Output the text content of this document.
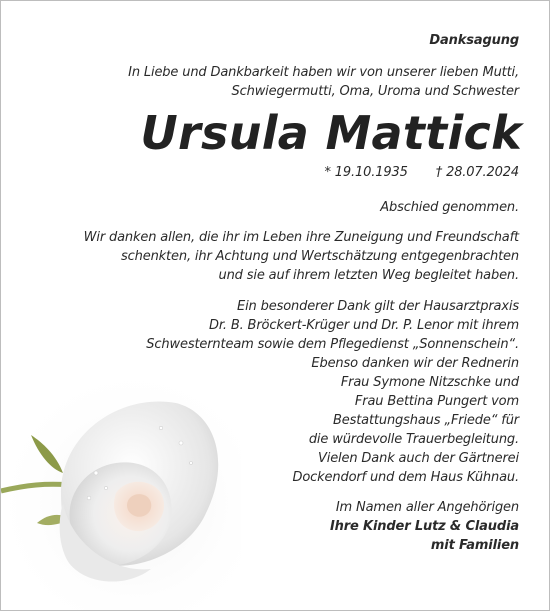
Danksagung

In Liebe und Dankbarkeit haben wir von unserer lieben Mutti,
Schwiegermutti, Oma, Uroma und Schwester

Ursula Mattick

* 19.10.1935 † 28.07.2024

Abschied genommen.

Wir danken allen, die ihr im Leben ihre Zuneigung und Freundschaft
schenkten, ihr Achtung und Wertschätzung entgegenbrachten
und sie auf ihrem letzten Weg begleitet haben.

Ein besonderer Dank gilt der Hausarztpraxis
Dr. B. Bröckert-Krüger und Dr. P. Lenor mit ihrem
Schwesternteam sowie dem Pflegedienst „Sonnenschein“.
Ebenso danken wir der Rednerin
Frau Symone Nitzschke und
Frau Bettina Pungert vom
Bestattungshaus „Friede“ für
die würdevolle Trauerbegleitung.
Vielen Dank auch der Gärtnerei
Dockendorf und dem Haus Kühnau.

Im Namen aller Angehörigen

Ihre Kinder Lutz & Claudia
mit Familien
